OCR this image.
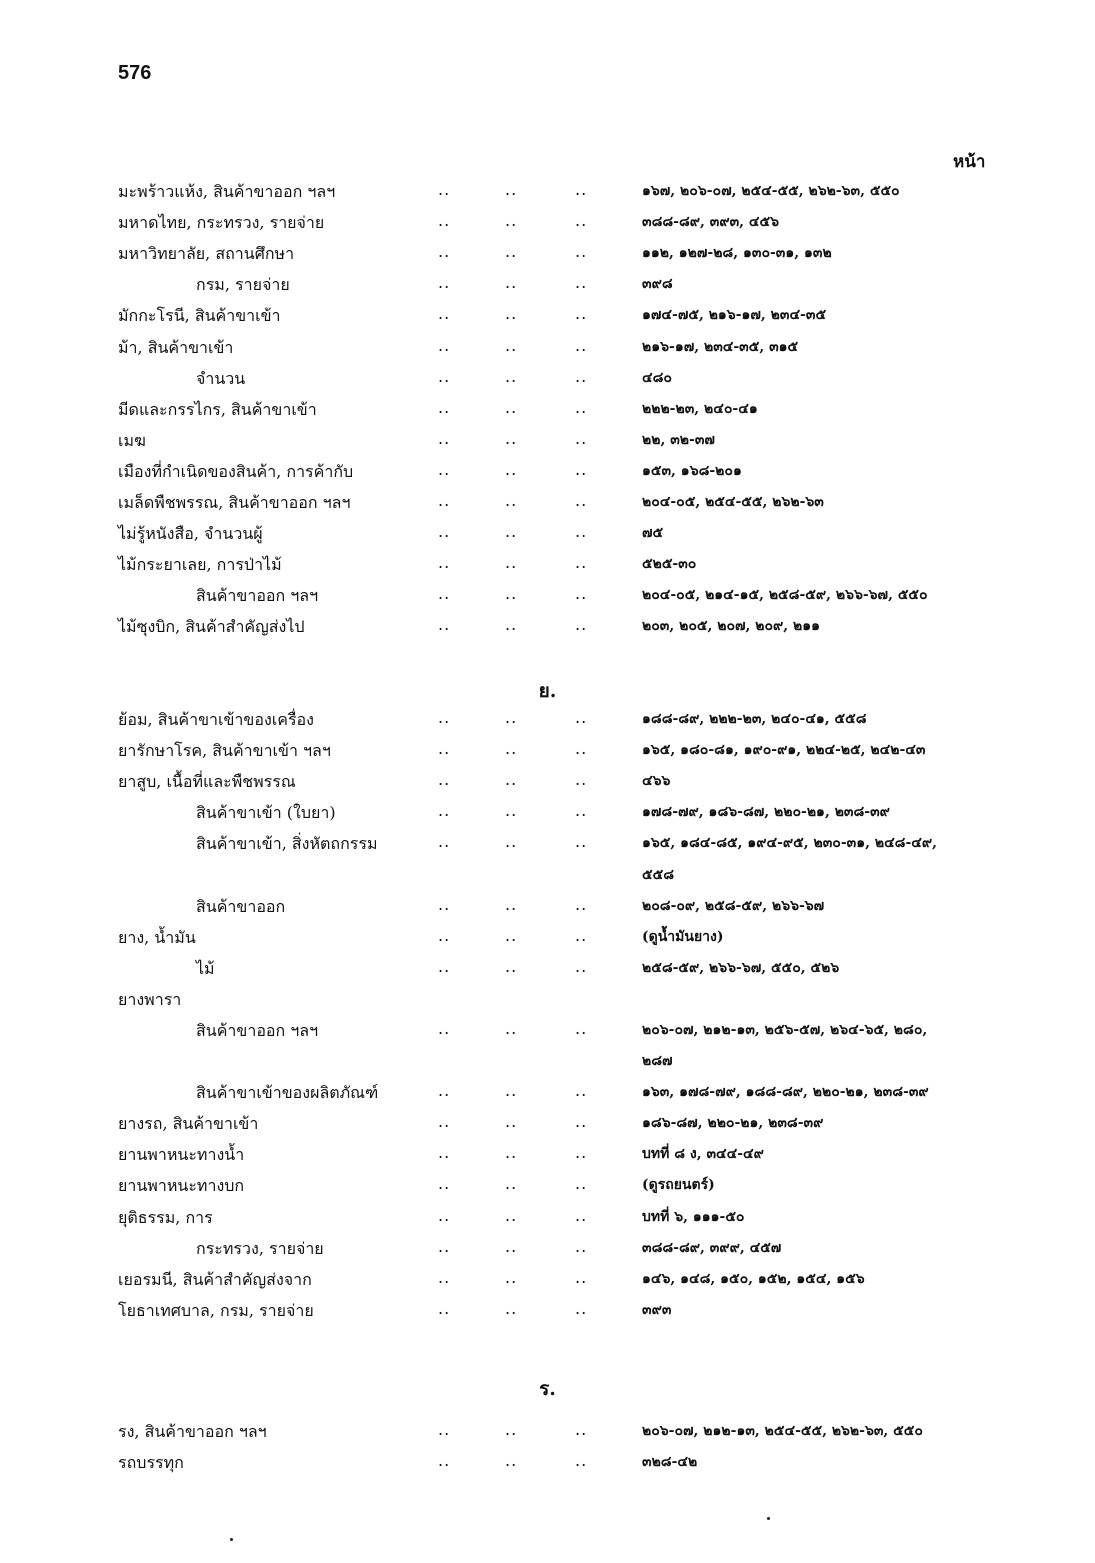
576
หน้า
มะพร้าวแห้ง, สินค้าขาออก ฯลฯ	..	..	..	๑๖๗, ๒๐๖-๐๗, ๒๕๔-๕๕, ๒๖๒-๖๓, ๕๕๐
มหาดไทย, กระทรวง, รายจ่าย	..	..	..	๓๘๘-๘๙, ๓๙๓, ๔๕๖
มหาวิทยาลัย, สถานศึกษา	..	..	..	๑๑๒, ๑๒๗-๒๘, ๑๓๐-๓๑, ๑๓๒
กรม, รายจ่าย	..	..	..	๓๙๘
มักกะโรนี, สินค้าขาเข้า	..	..	..	๑๗๔-๗๕, ๒๑๖-๑๗, ๒๓๔-๓๕
ม้า, สินค้าขาเข้า	..	..	..	๒๑๖-๑๗, ๒๓๔-๓๕, ๓๑๕
จำนวน	..	..	..	๔๘๐
มีดและกรรไกร, สินค้าขาเข้า	..	..	..	๒๒๒-๒๓, ๒๔๐-๔๑
เมฆ	..	..	..	๒๒, ๓๒-๓๗
เมืองที่กำเนิดของสินค้า, การค้ากับ	..	..	..	๑๕๓, ๑๖๘-๒๐๑
เมล็ดพืชพรรณ, สินค้าขาออก ฯลฯ	..	..	..	๒๐๔-๐๕, ๒๕๔-๕๕, ๒๖๒-๖๓
ไม่รู้หนังสือ, จำนวนผู้	..	..	..	๗๕
ไม้กระยาเลย, การป่าไม้	..	..	..	๕๒๕-๓๐
สินค้าขาออก ฯลฯ	..	..	..	๒๐๔-๐๕, ๒๑๔-๑๕, ๒๕๘-๕๙, ๒๖๖-๖๗, ๕๕๐
ไม้ซุงบิก, สินค้าสำคัญส่งไป	..	..	..	๒๐๓, ๒๐๕, ๒๐๗, ๒๐๙, ๒๑๑
ย.
ย้อม, สินค้าขาเข้าของเครื่อง	..	..	..	๑๘๘-๘๙, ๒๒๒-๒๓, ๒๔๐-๔๑, ๕๕๘
ยารักษาโรค, สินค้าขาเข้า ฯลฯ	..	..	..	๑๖๕, ๑๘๐-๘๑, ๑๙๐-๙๑, ๒๒๔-๒๕, ๒๔๒-๔๓
ยาสูบ, เนื้อที่และพืชพรรณ	..	..	..	๔๖๖
สินค้าขาเข้า (ใบยา)	..	..	..	๑๗๘-๗๙, ๑๘๖-๘๗, ๒๒๐-๒๑, ๒๓๘-๓๙
สินค้าขาเข้า, สิ่งหัตถกรรม	..	..	..	๑๖๕, ๑๘๔-๘๕, ๑๙๔-๙๕, ๒๓๐-๓๑, ๒๔๘-๔๙,
๕๕๘
สินค้าขาออก	..	..	..	๒๐๘-๐๙, ๒๕๘-๕๙, ๒๖๖-๖๗
ยาง, น้ำมัน	..	..	..	(ดูน้ำมันยาง)
ไม้	..	..	..	๒๕๘-๕๙, ๒๖๖-๖๗, ๕๕๐, ๕๒๖
ยางพารา
สินค้าขาออก ฯลฯ	..	..	..	๒๐๖-๐๗, ๒๑๒-๑๓, ๒๕๖-๕๗, ๒๖๔-๖๕, ๒๘๐,
๒๘๗
สินค้าขาเข้าของผลิตภัณฑ์	..	..	..	๑๖๓, ๑๗๘-๗๙, ๑๘๘-๘๙, ๒๒๐-๒๑, ๒๓๘-๓๙
ยางรถ, สินค้าขาเข้า	..	..	..	๑๘๖-๘๗, ๒๒๐-๒๑, ๒๓๘-๓๙
ยานพาหนะทางน้ำ	..	..	..	บทที่ ๘ ง, ๓๔๔-๔๙
ยานพาหนะทางบก	..	..	..	(ดูรถยนตร์)
ยุติธรรม, การ	..	..	..	บทที่ ๖, ๑๑๑-๕๐
กระทรวง, รายจ่าย	..	..	..	๓๘๘-๘๙, ๓๙๙, ๔๕๗
เยอรมนี, สินค้าสำคัญส่งจาก	..	..	..	๑๔๖, ๑๔๘, ๑๕๐, ๑๕๒, ๑๕๔, ๑๕๖
โยธาเทศบาล, กรม, รายจ่าย	..	..	..	๓๙๓
ร.
รง, สินค้าขาออก ฯลฯ	..	..	..	๒๐๖-๐๗, ๒๑๒-๑๓, ๒๕๔-๕๕, ๒๖๒-๖๓, ๕๕๐
รถบรรทุก	..	..	..	๓๒๘-๔๒
